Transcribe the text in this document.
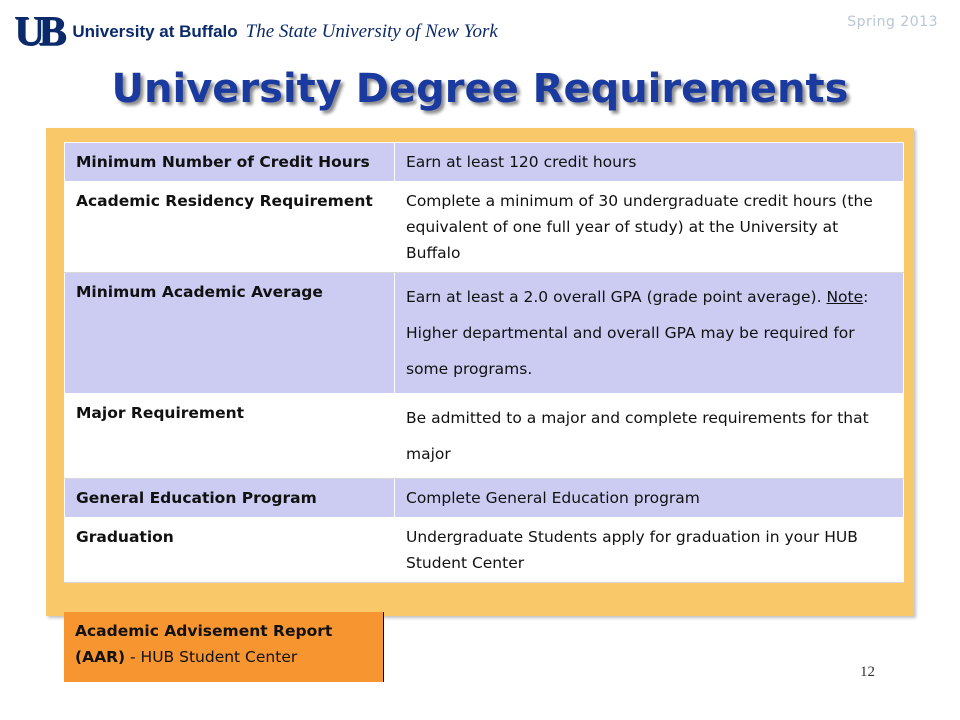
UB University at Buffalo The State University of New York	Spring 2013
University Degree Requirements
Minimum Number of Credit Hours	Earn at least 120 credit hours
Academic Residency Requirement	Complete a minimum of 30 undergraduate credit hours (the equivalent of one full year of study) at the University at Buffalo
Minimum Academic Average	Earn at least a 2.0 overall GPA (grade point average). Note: Higher departmental and overall GPA may be required for some programs.
Major Requirement	Be admitted to a major and complete requirements for that major
General Education Program	Complete General Education program
Graduation	Undergraduate Students apply for graduation in your HUB Student Center
Academic Advisement Report (AAR) - HUB Student Center
12
